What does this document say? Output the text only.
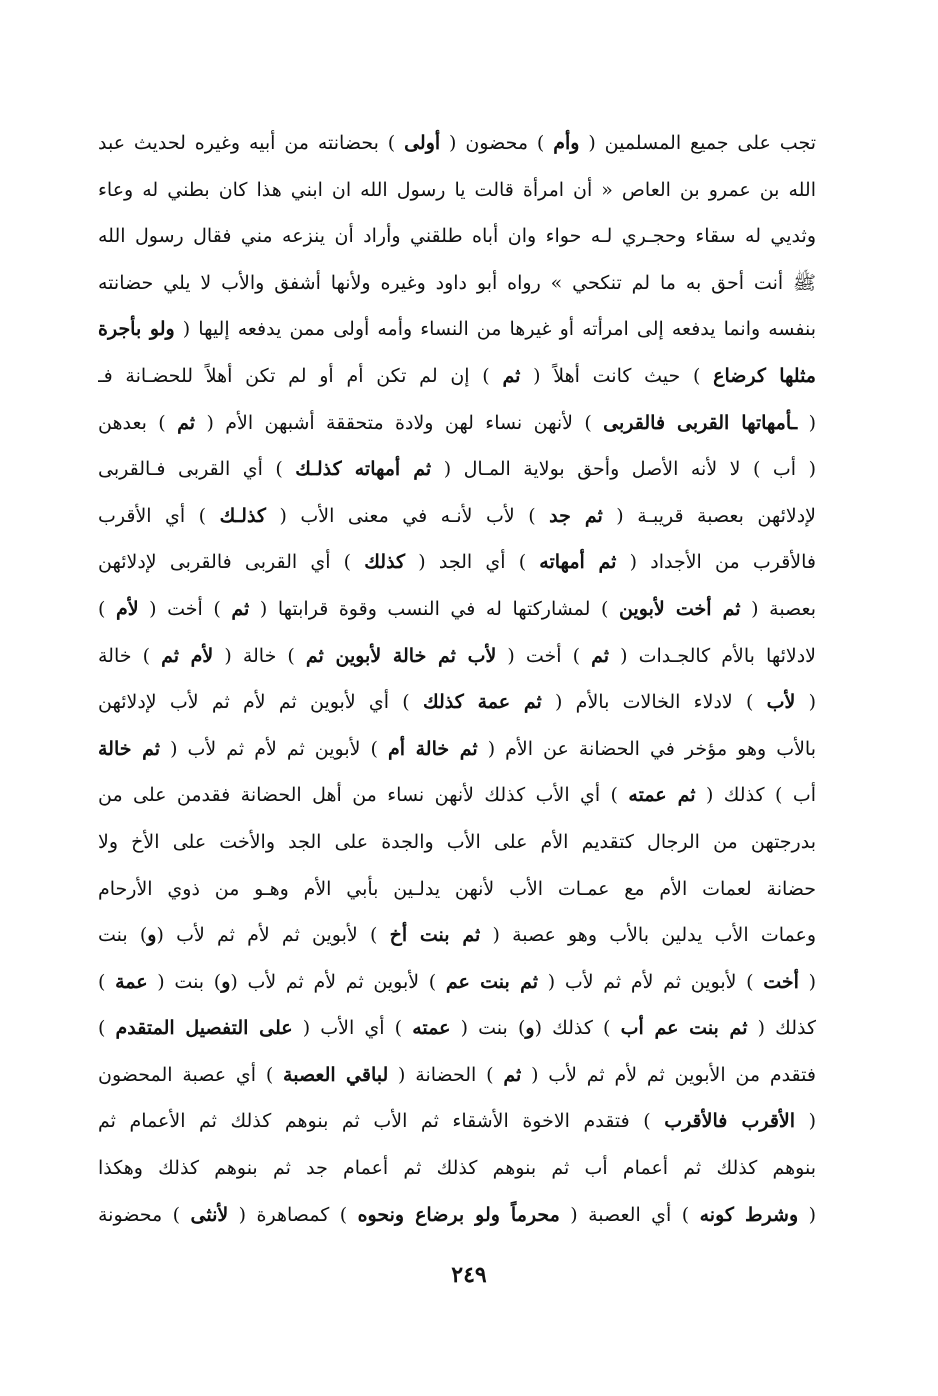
تجب على جميع المسلمين ( وأم ) محضون ( أولى ) بحضانته من أبيه وغيره لحديث عبد
الله بن عمرو بن العاص « أن امرأة قالت يا رسول الله ان ابني هذا كان بطني له وعاء
وثديي له سقاء وحجـري لـه حواء وان أباه طلقني وأراد أن ينزعه مني فقال رسول الله
ﷺ أنت أحق به ما لم تنكحي » رواه أبو داود وغيره ولأنها أشفق والأب لا يلي حضانته
بنفسه وانما يدفعه إلى امرأته أو غيرها من النساء وأمه أولى ممن يدفعه إليها ( ولو بأجرة
مثلها كرضاع ) حيث كانت أهلاً ( ثم ) إن لم تكن أم أو لم تكن أهلاً للحضـانة فـ
( ـأمهاتها القربى فالقربى ) لأنهن نساء لهن ولادة متحققة أشبهن الأم ( ثم ) بعدهن
( أب ) لا لأنه الأصل وأحق بولاية المـال ( ثم أمهاته كذلـك ) أي القربى فـالقربى
لإدلائهن بعصبة قريبـة ( ثم جد ) لأب لأنـه في معنى الأب ( كذلـك ) أي الأقرب
فالأقرب من الأجداد ( ثم أمهاته ) أي الجد ( كذلك ) أي القربى فالقربى لإدلائهن
بعصبة ( ثم أخت لأبوين ) لمشاركتها له في النسب وقوة قرابتها ( ثم ) أخت ( لأم )
لادلائها بالأم كالجـدات ( ثم ) أخت ( لأب ثم خالة لأبوين ثم ) خالة ( لأم ثم ) خالة
( لأب ) لادلاء الخالات بالأم ( ثم عمة كذلك ) أي لأبوين ثم لأم ثم لأب لإدلائهن
بالأب وهو مؤخر في الحضانة عن الأم ( ثم خالة أم ) لأبوين ثم لأم ثم لأب ( ثم خالة
أب ) كذلك ( ثم عمته ) أي الأب كذلك لأنهن نساء من أهل الحضانة فقدمن على من
بدرجتهن من الرجال كتقديم الأم على الأب والجدة على الجد والأخت على الأخ ولا
حضانة لعمات الأم مع عمـات الأب لأنهن يدلـين بأبي الأم وهـو من ذوي الأرحام
وعمات الأب يدلين بالأب وهو عصبة ( ثم بنت أخ ) لأبوين ثم لأم ثم لأب (و) بنت
( أخت ) لأبوين ثم لأم ثم لأب ( ثم بنت عم ) لأبوين ثم لأم ثم لأب (و) بنت ( عمة )
كذلك ( ثم بنت عم أب ) كذلك (و) بنت ( عمته ) أي الأب ( على التفصيل المتقدم )
فتقدم من الأبوين ثم لأم ثم لأب ( ثم ) الحضانة ( لباقي العصبة ) أي عصبة المحضون
( الأقرب فالأقرب ) فتقدم الاخوة الأشقاء ثم الأب ثم بنوهم كذلك ثم الأعمام ثم
بنوهم كذلك ثم أعمام أب ثم بنوهم كذلك ثم أعمام جد ثم بنوهم كذلك وهكذا
( وشرط كونه ) أي العصبة ( محرماً ولو برضاع ونحوه ) كمصاهرة ( لأنثى ) محضونة
٢٤٩
